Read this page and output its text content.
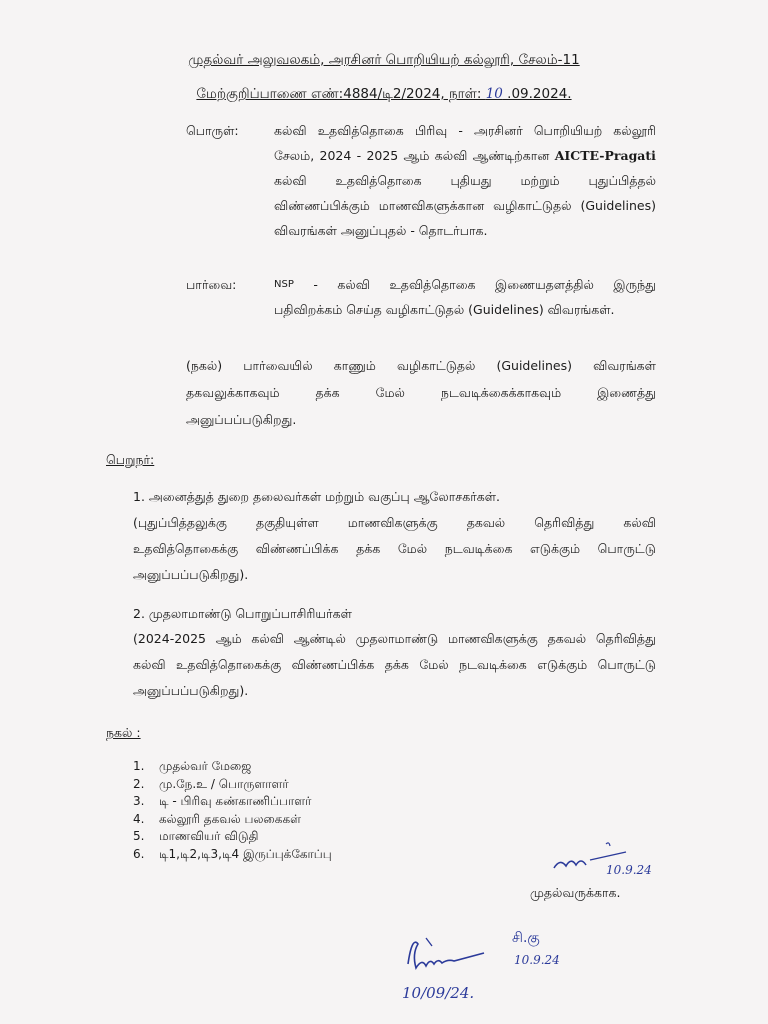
முதல்வர் அலுவலகம், அரசினர் பொறியியற் கல்லூரி, சேலம்-11
மேற்குறிப்பாணை எண்:4884/டி2/2024, நாள்: 10 .09.2024.
பொருள்:	கல்வி உதவித்தொகை பிரிவு - அரசினர் பொறியியற் கல்லூரி
சேலம், 2024 - 2025 ஆம் கல்வி ஆண்டிற்கான AICTE-Pragati
கல்வி உதவித்தொகை புதியது மற்றும் புதுப்பித்தல்
விண்ணப்பிக்கும் மாணவிகளுக்கான வழிகாட்டுதல் (Guidelines)
விவரங்கள் அனுப்புதல் - தொடர்பாக.
பார்வை:	NSP - கல்வி உதவித்தொகை இணையதளத்தில் இருந்து
பதிவிறக்கம் செய்த வழிகாட்டுதல் (Guidelines) விவரங்கள்.
(நகல்) பார்வையில் காணும் வழிகாட்டுதல் (Guidelines) விவரங்கள்
தகவலுக்காகவும்	தக்க	மேல்	நடவடிக்கைக்காகவும்	இணைத்து
அனுப்பப்படுகிறது.
பெறுநர்:
1. அனைத்துத் துறை தலைவர்கள் மற்றும் வகுப்பு ஆலோசகர்கள்.
(புதுப்பித்தலுக்கு தகுதியுள்ள மாணவிகளுக்கு தகவல் தெரிவித்து கல்வி
உதவித்தொகைக்கு விண்ணப்பிக்க தக்க மேல் நடவடிக்கை எடுக்கும் பொருட்டு
அனுப்பப்படுகிறது).
2. முதலாமாண்டு பொறுப்பாசிரியர்கள்
(2024-2025 ஆம் கல்வி ஆண்டில் முதலாமாண்டு மாணவிகளுக்கு தகவல் தெரிவித்து
கல்வி உதவித்தொகைக்கு விண்ணப்பிக்க தக்க மேல் நடவடிக்கை எடுக்கும் பொருட்டு
அனுப்பப்படுகிறது).
நகல் :
1. முதல்வர் மேஜை
2. மு.நே.உ / பொருளாளர்
3. டி - பிரிவு கண்காணிப்பாளர்
4. கல்லூரி தகவல் பலகைகள்
5. மாணவியர் விடுதி
6. டி1,டி2,டி3,டி4 இருப்புக்கோப்பு
10.9.24
முதல்வருக்காக.
10/09/24.
சி.கு
10.9.24
